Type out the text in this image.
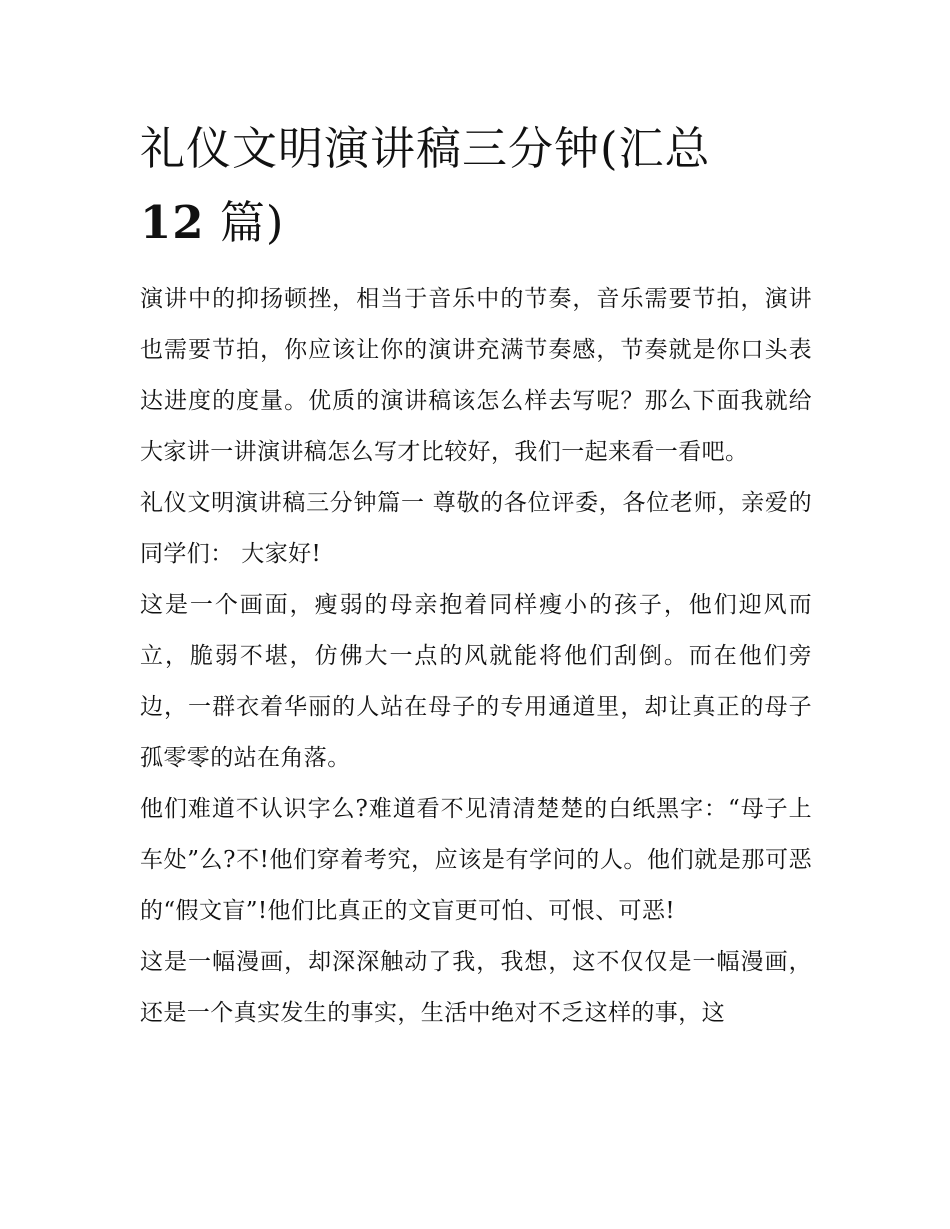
礼仪文明演讲稿三分钟(汇总
12 篇)

演讲中的抑扬顿挫，相当于音乐中的节奏，音乐需要节拍，演讲也需要节拍，你应该让你的演讲充满节奏感，节奏就是你口头表达进度的度量。优质的演讲稿该怎么样去写呢？那么下面我就给大家讲一讲演讲稿怎么写才比较好，我们一起来看一看吧。

礼仪文明演讲稿三分钟篇一 尊敬的各位评委，各位老师，亲爱的同学们： 大家好!

这是一个画面，瘦弱的母亲抱着同样瘦小的孩子，他们迎风而立，脆弱不堪，仿佛大一点的风就能将他们刮倒。而在他们旁边，一群衣着华丽的人站在母子的专用通道里，却让真正的母子孤零零的站在角落。

他们难道不认识字么?难道看不见清清楚楚的白纸黑字：“母子上车处”么?不!他们穿着考究，应该是有学问的人。他们就是那可恶的“假文盲”!他们比真正的文盲更可怕、可恨、可恶!

这是一幅漫画，却深深触动了我，我想，这不仅仅是一幅漫画，还是一个真实发生的事实，生活中绝对不乏这样的事，这
